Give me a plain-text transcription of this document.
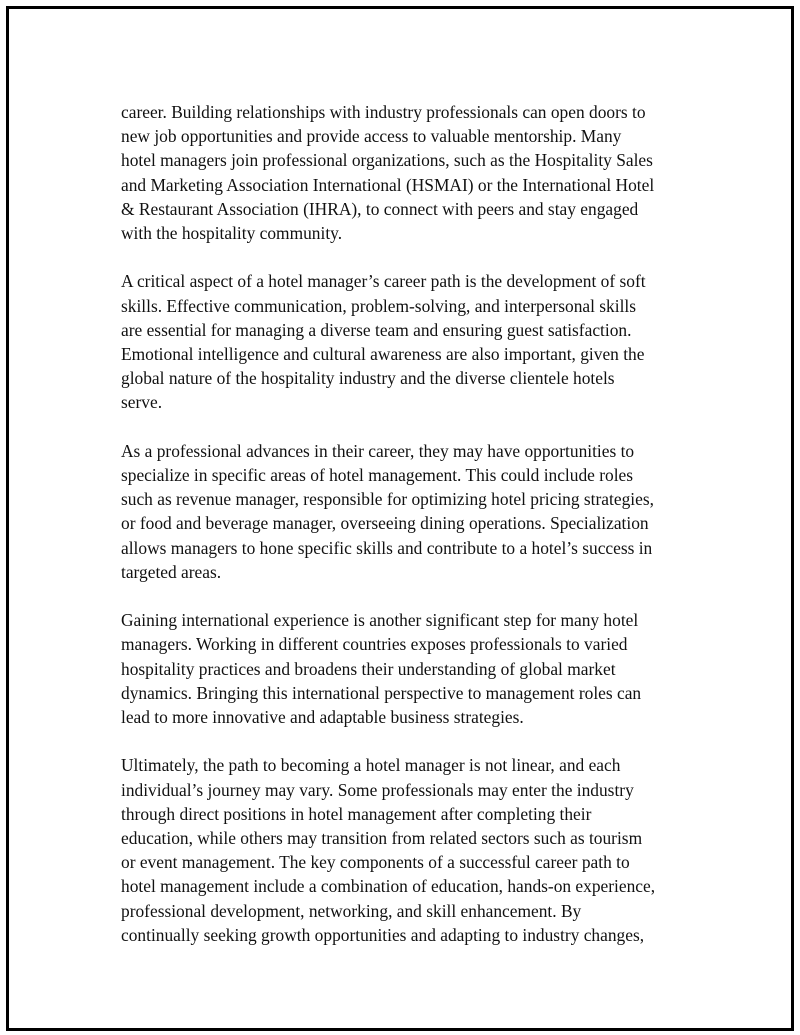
career. Building relationships with industry professionals can open doors to
new job opportunities and provide access to valuable mentorship. Many
hotel managers join professional organizations, such as the Hospitality Sales
and Marketing Association International (HSMAI) or the International Hotel
& Restaurant Association (IHRA), to connect with peers and stay engaged
with the hospitality community.

A critical aspect of a hotel manager’s career path is the development of soft
skills. Effective communication, problem-solving, and interpersonal skills
are essential for managing a diverse team and ensuring guest satisfaction.
Emotional intelligence and cultural awareness are also important, given the
global nature of the hospitality industry and the diverse clientele hotels
serve.

As a professional advances in their career, they may have opportunities to
specialize in specific areas of hotel management. This could include roles
such as revenue manager, responsible for optimizing hotel pricing strategies,
or food and beverage manager, overseeing dining operations. Specialization
allows managers to hone specific skills and contribute to a hotel’s success in
targeted areas.

Gaining international experience is another significant step for many hotel
managers. Working in different countries exposes professionals to varied
hospitality practices and broadens their understanding of global market
dynamics. Bringing this international perspective to management roles can
lead to more innovative and adaptable business strategies.

Ultimately, the path to becoming a hotel manager is not linear, and each
individual’s journey may vary. Some professionals may enter the industry
through direct positions in hotel management after completing their
education, while others may transition from related sectors such as tourism
or event management. The key components of a successful career path to
hotel management include a combination of education, hands-on experience,
professional development, networking, and skill enhancement. By
continually seeking growth opportunities and adapting to industry changes,
